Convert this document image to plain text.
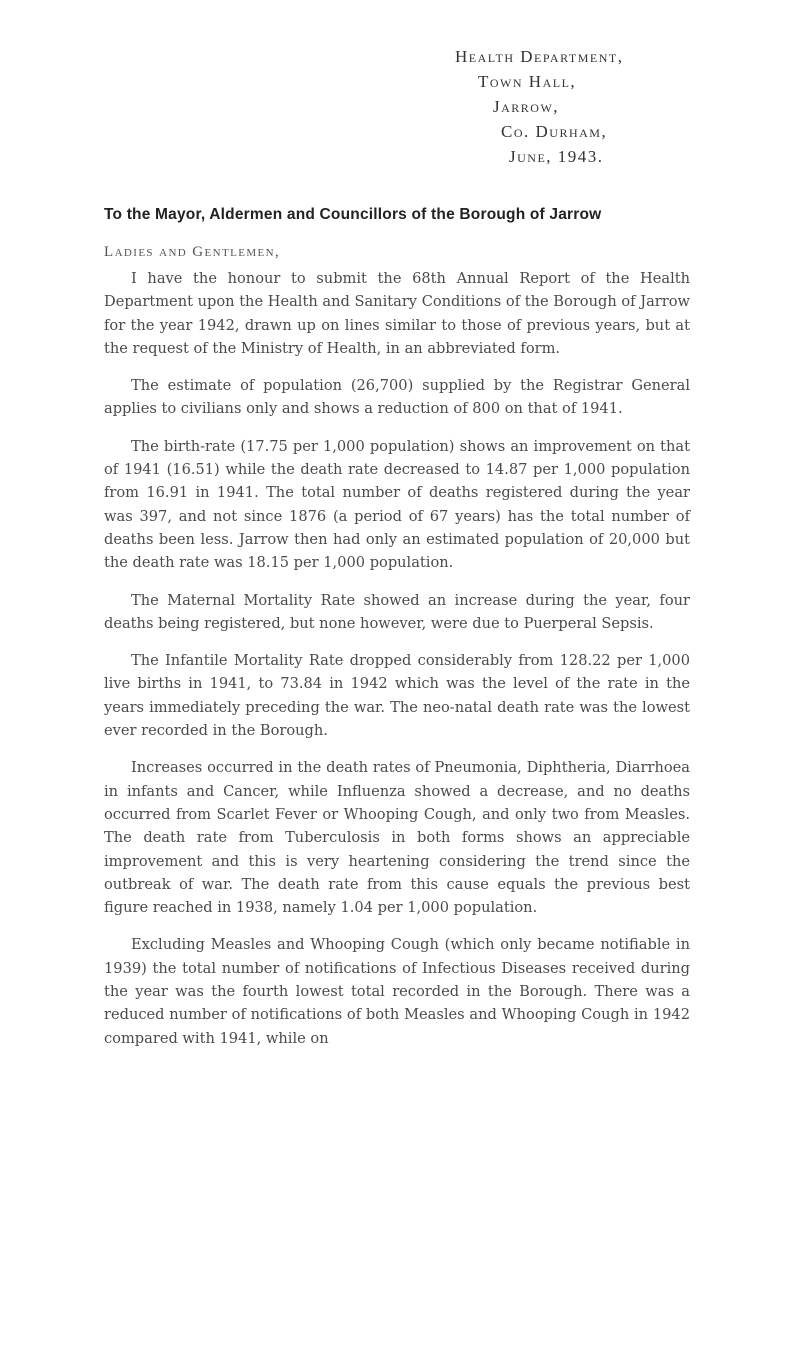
Health Department,
Town Hall,
Jarrow,
Co. Durham,
June, 1943.
To the Mayor, Aldermen and Councillors of the Borough of Jarrow
Ladies and Gentlemen,

I have the honour to submit the 68th Annual Report of the Health Department upon the Health and Sanitary Conditions of the Borough of Jarrow for the year 1942, drawn up on lines similar to those of previous years, but at the request of the Ministry of Health, in an abbreviated form.

The estimate of population (26,700) supplied by the Registrar General applies to civilians only and shows a reduction of 800 on that of 1941.

The birth-rate (17.75 per 1,000 population) shows an improvement on that of 1941 (16.51) while the death rate decreased to 14.87 per 1,000 population from 16.91 in 1941. The total number of deaths registered during the year was 397, and not since 1876 (a period of 67 years) has the total number of deaths been less. Jarrow then had only an estimated population of 20,000 but the death rate was 18.15 per 1,000 population.

The Maternal Mortality Rate showed an increase during the year, four deaths being registered, but none however, were due to Puerperal Sepsis.

The Infantile Mortality Rate dropped considerably from 128.22 per 1,000 live births in 1941, to 73.84 in 1942 which was the level of the rate in the years immediately preceding the war. The neo-natal death rate was the lowest ever recorded in the Borough.

Increases occurred in the death rates of Pneumonia, Diphtheria, Diarrhoea in infants and Cancer, while Influenza showed a decrease, and no deaths occurred from Scarlet Fever or Whooping Cough, and only two from Measles. The death rate from Tuberculosis in both forms shows an appreciable improvement and this is very heartening considering the trend since the outbreak of war. The death rate from this cause equals the previous best figure reached in 1938, namely 1.04 per 1,000 population.

Excluding Measles and Whooping Cough (which only became notifiable in 1939) the total number of notifications of Infectious Diseases received during the year was the fourth lowest total recorded in the Borough. There was a reduced number of notifications of both Measles and Whooping Cough in 1942 compared with 1941, while on
